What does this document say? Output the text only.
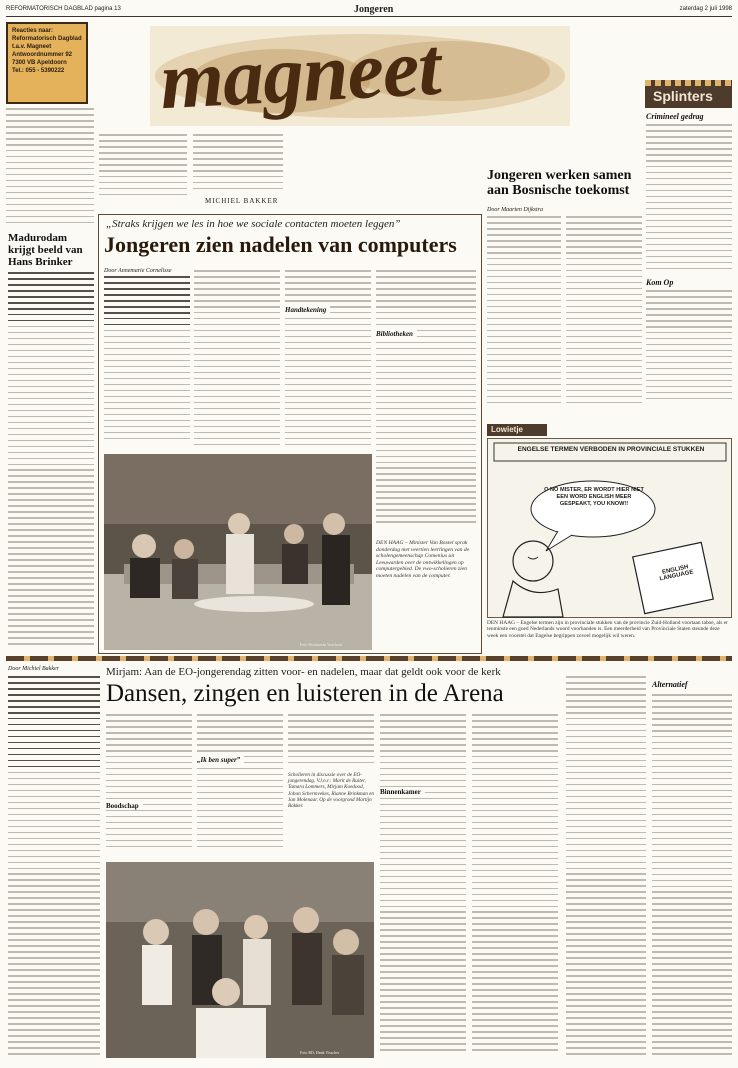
REFORMATORISCH DAGBLAD pagina 13	Jongeren	zaterdag 2 juli 1998
Reacties naar:
Reformatorisch Dagblad
t.a.v. Magneet
Antwoordnummer 92
7300 VB Apeldoorn
Tel.: 055 - 5390222 magneet	Splinters
MICHIEL BAKKER
Jongeren werken samen aan Bosnische toekomst
Door Maarten Dijkstra
Crimineel gedrag
Kom Op
„Straks krijgen we les in hoe we sociale contacten moeten leggen”
Jongeren zien nadelen van computers
Door Annemarie Cornelisse
Handtekening
Bibliotheken
DEN HAAG – Minister Van Boxtel sprak donderdag met veertien leerlingen van de scholengemeenschap Comenius uit Leeuwarden over de ontwikkelingen op computergebied. De vwo-scholieren zien moeten nadelen van de computer.
Foto Persbureau Voorhout
Madurodam krijgt beeld van Hans Brinker
Lowietje
ENGELSE TERMEN VERBODEN IN PROVINCIALE STUKKEN
O NO MISTER, ER WORDT HIER NIET EEN WORD ENGLISH MEER GESPEAKT, YOU KNOW!!
ENGLISH LANGUAGE
DEN HAAG – Engelse termen zijn in provinciale stukken van de provincie Zuid-Holland voortaan taboe, als er tenminste een goed Nederlands woord voorhanden is. Een meerderheid van Provinciale Staten steunde deze week een voorstel dat Engelse begrippen zoveel mogelijk wil weren.
Door Michiel Bakker	Mirjam: Aan de EO-jongerendag zitten voor- en nadelen, maar dat geldt ook voor de kerk
Dansen, zingen en luisteren in de Arena
Boodschap
„Ik ben super”
Scholieren in discussie over de EO-jongerendag. V.l.n.r.: Marit de Ruiter, Tamara Lommers, Mirjam Koedood, Johan Schermvekes, Rianne Brinkman en Jan Molenaar. Op de voorgrond Martijn Bakker.
Binnenkamer
Alternatief
Foto RD, Henk Visscher
